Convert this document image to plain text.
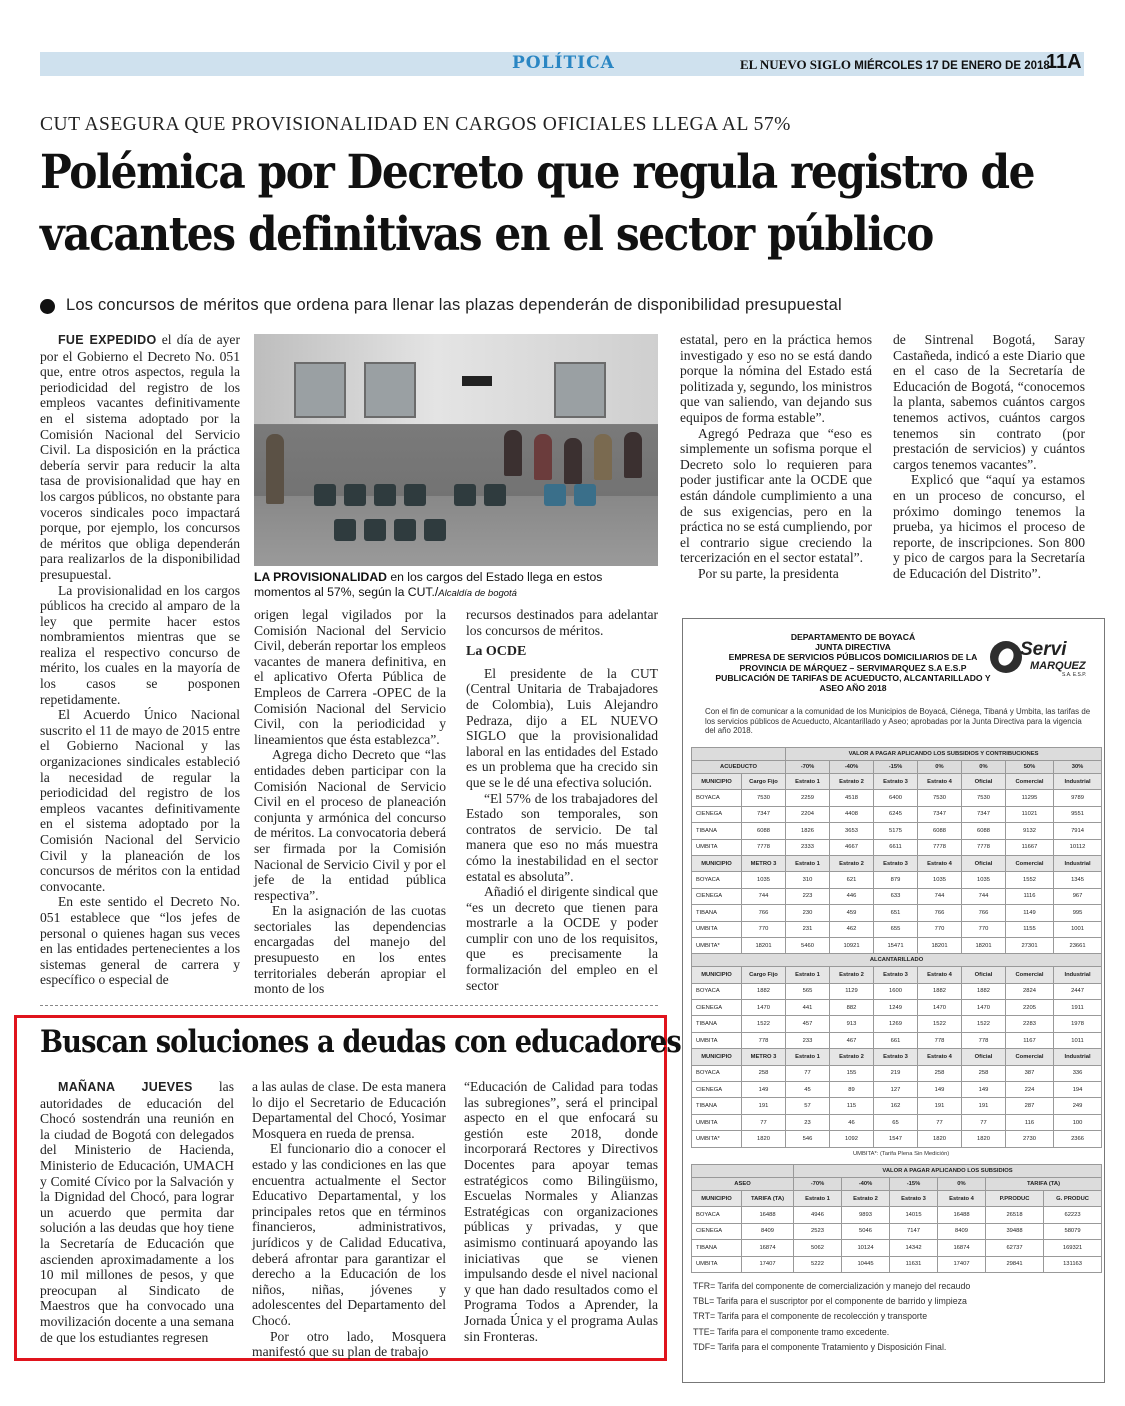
POLÍTICA	EL NUEVO SIGLO MIÉRCOLES 17 DE ENERO DE 2018
11A
CUT ASEGURA QUE PROVISIONALIDAD EN CARGOS OFICIALES LLEGA AL 57%
Polémica por Decreto que regula registro de
vacantes definitivas en el sector público
Los concursos de méritos que ordena para llenar las plazas dependerán de disponibilidad presupuestal

FUE EXPEDIDO el día de ayer por el Gobierno el Decreto No. 051 que, entre otros aspectos, regula la periodicidad del registro de los empleos vacantes definitivamente en el sistema adoptado por la Comisión Nacional del Servicio Civil. La disposición en la práctica debería servir para reducir la alta tasa de provisionalidad que hay en los cargos públicos, no obstante para voceros sindicales poco impactará porque, por ejemplo, los concursos de méritos que obliga dependerán para realizarlos de la disponibilidad presupuestal.

La provisionalidad en los cargos públicos ha crecido al amparo de la ley que permite hacer estos nombramientos mientras que se realiza el respectivo concurso de mérito, los cuales en la mayoría de los casos se posponen repetidamente.

El Acuerdo Único Nacional suscrito el 11 de mayo de 2015 entre el Gobierno Nacional y las organizaciones sindicales estableció la necesidad de regular la periodicidad del registro de los empleos vacantes definitivamente en el sistema adoptado por la Comisión Nacional del Servicio Civil y la planeación de los concursos de méritos con la entidad convocante.

En este sentido el Decreto No. 051 establece que “los jefes de personal o quienes hagan sus veces en las entidades pertenecientes a los sistemas general de carrera y específico o especial de

LA PROVISIONALIDAD en los cargos del Estado llega en estos momentos al 57%, según la CUT./Alcaldía de bogotá

origen legal vigilados por la Comisión Nacional del Servicio Civil, deberán reportar los empleos vacantes de manera definitiva, en el aplicativo Oferta Pública de Empleos de Carrera -OPEC de la Comisión Nacional del Servicio Civil, con la periodicidad y lineamientos que ésta establezca”.

Agrega dicho Decreto que “las entidades deben participar con la Comisión Nacional de Servicio Civil en el proceso de planeación conjunta y armónica del concurso de méritos. La convocatoria deberá ser firmada por la Comisión Nacional de Servicio Civil y por el jefe de la entidad pública respectiva”.

En la asignación de las cuotas sectoriales las dependencias encargadas del manejo del presupuesto en los entes territoriales deberán apropiar el monto de los

recursos destinados para adelantar los concursos de méritos.

La OCDE

El presidente de la CUT (Central Unitaria de Trabajadores de Colombia), Luis Alejandro Pedraza, dijo a EL NUEVO SIGLO que la provisionalidad laboral en las entidades del Estado es un problema que ha crecido sin que se le dé una efectiva solución.

“El 57% de los trabajadores del Estado son temporales, son contratos de servicio. De tal manera que eso no más muestra cómo la inestabilidad en el sector estatal es absoluta”.

Añadió el dirigente sindical que “es un decreto que tienen para mostrarle a la OCDE y poder cumplir con uno de los requisitos, que es precisamente la formalización del empleo en el sector

estatal, pero en la práctica hemos investigado y eso no se está dando porque la nómina del Estado está politizada y, segundo, los ministros que van saliendo, van dejando sus equipos de forma estable”.

Agregó Pedraza que “eso es simplemente un sofisma porque el Decreto solo lo requieren para poder justificar ante la OCDE que están dándole cumplimiento a una de sus exigencias, pero en la práctica no se está cumpliendo, por el contrario sigue creciendo la tercerización en el sector estatal”.

Por su parte, la presidenta

de Sintrenal Bogotá, Saray Castañeda, indicó a este Diario que en el caso de la Secretaría de Educación de Bogotá, “conocemos la planta, sabemos cuántos cargos tenemos activos, cuántos cargos tenemos sin contrato (por prestación de servicios) y cuántos cargos tenemos vacantes”.

Explicó que “aquí ya estamos en un proceso de concurso, el próximo domingo tenemos la prueba, ya hicimos el proceso de reporte, de inscripciones. Son 800 y pico de cargos para la Secretaría de Educación del Distrito”.

Buscan soluciones a deudas con educadores

MAÑANA JUEVES las autoridades de educación del Chocó sostendrán una reunión en la ciudad de Bogotá con delegados del Ministerio de Hacienda, Ministerio de Educación, UMACH y Comité Cívico por la Salvación y la Dignidad del Chocó, para lograr un acuerdo que permita dar solución a las deudas que hoy tiene la Secretaría de Educación que ascienden aproximadamente a los 10 mil millones de pesos, y que preocupan al Sindicato de Maestros que ha convocado una movilización docente a una semana de que los estudiantes regresen

a las aulas de clase. De esta manera lo dijo el Secretario de Educación Departamental del Chocó, Yosimar Mosquera en rueda de prensa.

El funcionario dio a conocer el estado y las condiciones en las que encuentra actualmente el Sector Educativo Departamental, y los principales retos que en términos financieros, administrativos, jurídicos y de Calidad Educativa, deberá afrontar para garantizar el derecho a la Educación de los niños, niñas, jóvenes y adolescentes del Departamento del Chocó.

Por otro lado, Mosquera manifestó que su plan de trabajo

“Educación de Calidad para todas las subregiones”, será el principal aspecto en el que enfocará su gestión este 2018, donde incorporará Rectores y Directivos Docentes para apoyar temas estratégicos como Bilingüismo, Escuelas Normales y Alianzas Estratégicas con organizaciones públicas y privadas, y que asimismo continuará apoyando las iniciativas que se vienen impulsando desde el nivel nacional y que han dado resultados como el Programa Todos a Aprender, la Jornada Única y el programa Aulas sin Fronteras.

DEPARTAMENTO DE BOYACÁ
JUNTA DIRECTIVA
EMPRESA DE SERVICIOS PÚBLICOS DOMICILIARIOS DE LA
PROVINCIA DE MÁRQUEZ – SERVIMARQUEZ S.A E.S.P
PUBLICACIÓN DE TARIFAS DE ACUEDUCTO, ALCANTARILLADO Y
ASEO AÑO 2018
Servi
MARQUEZ
S.A. E.S.P.
Con el fin de comunicar a la comunidad de los Municipios de Boyacá, Ciénega, Tibaná y Umbita, las tarifas de los servicios públicos de Acueducto, Alcantarillado y Aseo; aprobadas por la Junta Directiva para la vigencia del año 2018.
		VALOR A PAGAR APLICANDO LOS SUBSIDIOS Y CONTRIBUCIONES						
ACUEDUCTO		-70%	-40%	-15%	0%	0%	50%	30%
MUNICIPIO	Cargo Fijo	Estrato 1	Estrato 2	Estrato 3	Estrato 4	Oficial	Comercial	Industrial
BOYACA	7530	2259	4518	6400	7530	7530	11295	9789
CIENEGA	7347	2204	4408	6245	7347	7347	11021	9551
TIBANA	6088	1826	3653	5175	6088	6088	9132	7914
UMBITA	7778	2333	4667	6611	7778	7778	11667	10112
MUNICIPIO	METRO 3	Estrato 1	Estrato 2	Estrato 3	Estrato 4	Oficial	Comercial	Industrial
BOYACA	1035	310	621	879	1035	1035	1552	1345
CIENEGA	744	223	446	633	744	744	1116	967
TIBANA	766	230	459	651	766	766	1149	995
UMBITA	770	231	462	655	770	770	1155	1001
UMBITA*	18201	5460	10921	15471	18201	18201	27301	23661
ALCANTARILLADO								
MUNICIPIO	Cargo Fijo	Estrato 1	Estrato 2	Estrato 3	Estrato 4	Oficial	Comercial	Industrial
BOYACA	1882	565	1129	1600	1882	1882	2824	2447
CIENEGA	1470	441	882	1249	1470	1470	2205	1911
TIBANA	1522	457	913	1269	1522	1522	2283	1978
UMBITA	778	233	467	661	778	778	1167	1011
MUNICIPIO	METRO 3	Estrato 1	Estrato 2	Estrato 3	Estrato 4	Oficial	Comercial	Industrial
BOYACA	258	77	155	219	258	258	387	336
CIENEGA	149	45	89	127	149	149	224	194
TIBANA	191	57	115	162	191	191	287	249
UMBITA	77	23	46	65	77	77	116	100
UMBITA*	1820	546	1092	1547	1820	1820	2730	2366
UMBITA*: (Tarifa Plena Sin Medición)
		VALOR A PAGAR APLICANDO LOS SUBSIDIOS					
ASEO		-70%	-40%	-15%	0%	TARIFA (TA)	
MUNICIPIO	TARIFA (TA)	Estrato 1	Estrato 2	Estrato 3	Estrato 4	P.PRODUC	G. PRODUC
BOYACA	16488	4946	9893	14015	16488	26518	62223
CIENEGA	8409	2523	5046	7147	8409	39488	58079
TIBANA	16874	5062	10124	14342	16874	62737	169321
UMBITA	17407	5222	10445	11631	17407	29841	131163
TFR= Tarifa del componente de comercialización y manejo del recaudo
TBL= Tarifa para el suscriptor por el componente de barrido y limpieza
TRT= Tarifa para el componente de recolección y transporte
TTE= Tarifa para el componente tramo excedente.
TDF= Tarifa para el componente Tratamiento y Disposición Final.
